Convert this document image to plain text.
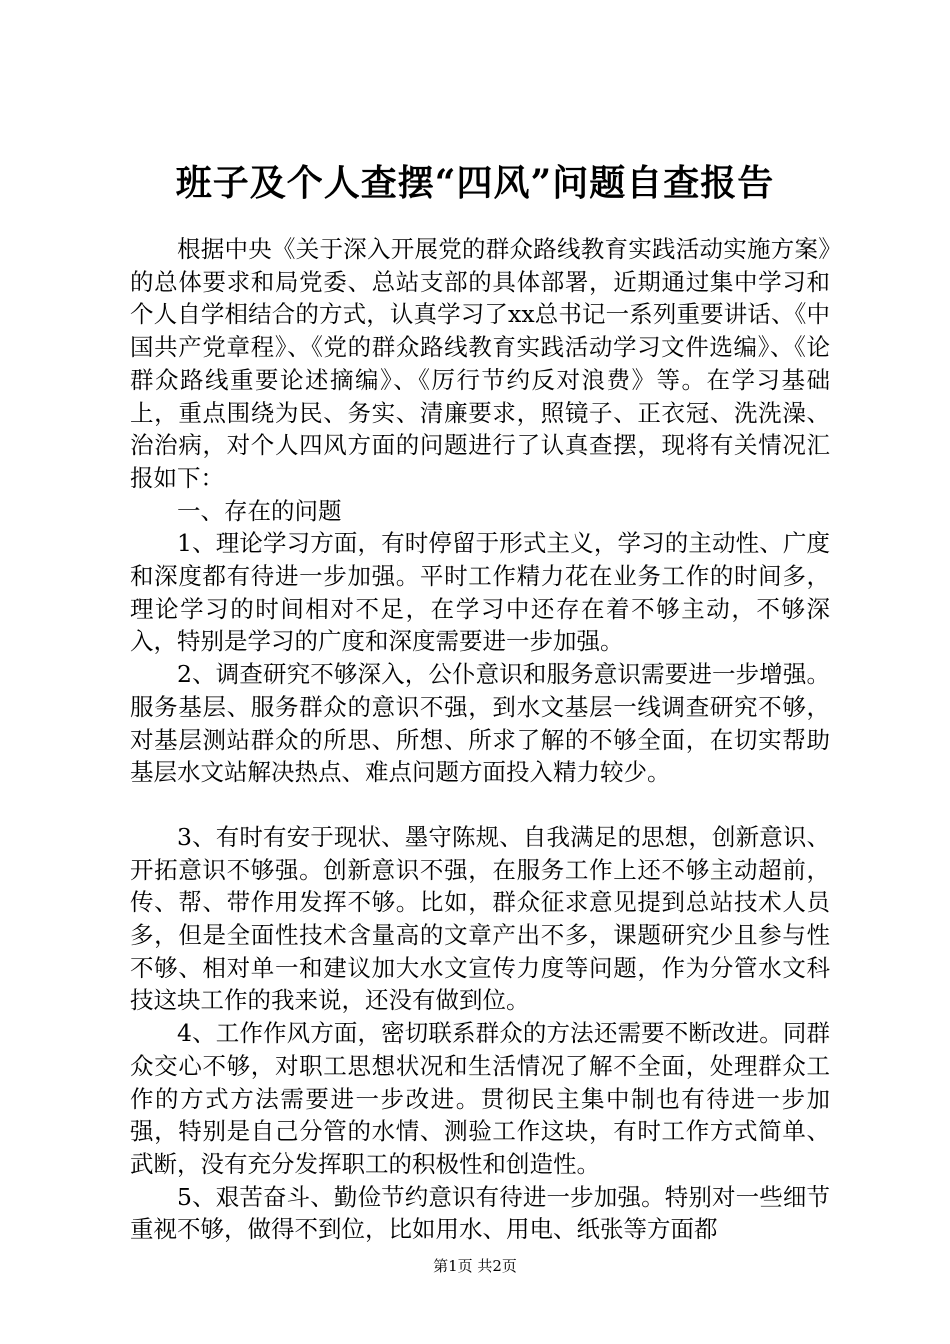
班子及个人查摆“四风”问题自查报告

根据中央《关于深入开展党的群众路线教育实践活动实施方案》的总体要求和局党委、总站支部的具体部署，近期通过集中学习和个人自学相结合的方式，认真学习了xx总书记一系列重要讲话、《中国共产党章程》、《党的群众路线教育实践活动学习文件选编》、《论群众路线重要论述摘编》、《厉行节约反对浪费》等。在学习基础上，重点围绕为民、务实、清廉要求，照镜子、正衣冠、洗洗澡、治治病，对个人四风方面的问题进行了认真查摆，现将有关情况汇报如下：

一、存在的问题

1、理论学习方面，有时停留于形式主义，学习的主动性、广度和深度都有待进一步加强。平时工作精力花在业务工作的时间多，理论学习的时间相对不足，在学习中还存在着不够主动，不够深入，特别是学习的广度和深度需要进一步加强。

2、调查研究不够深入，公仆意识和服务意识需要进一步增强。服务基层、服务群众的意识不强，到水文基层一线调查研究不够，对基层测站群众的所思、所想、所求了解的不够全面，在切实帮助基层水文站解决热点、难点问题方面投入精力较少。

3、有时有安于现状、墨守陈规、自我满足的思想，创新意识、开拓意识不够强。创新意识不强，在服务工作上还不够主动超前，传、帮、带作用发挥不够。比如，群众征求意见提到总站技术人员多，但是全面性技术含量高的文章产出不多，课题研究少且参与性不够、相对单一和建议加大水文宣传力度等问题，作为分管水文科技这块工作的我来说，还没有做到位。

4、工作作风方面，密切联系群众的方法还需要不断改进。同群众交心不够，对职工思想状况和生活情况了解不全面，处理群众工作的方式方法需要进一步改进。贯彻民主集中制也有待进一步加强，特别是自己分管的水情、测验工作这块，有时工作方式简单、武断，没有充分发挥职工的积极性和创造性。

5、艰苦奋斗、勤俭节约意识有待进一步加强。特别对一些细节重视不够，做得不到位，比如用水、用电、纸张等方面都

第1页 共2页
